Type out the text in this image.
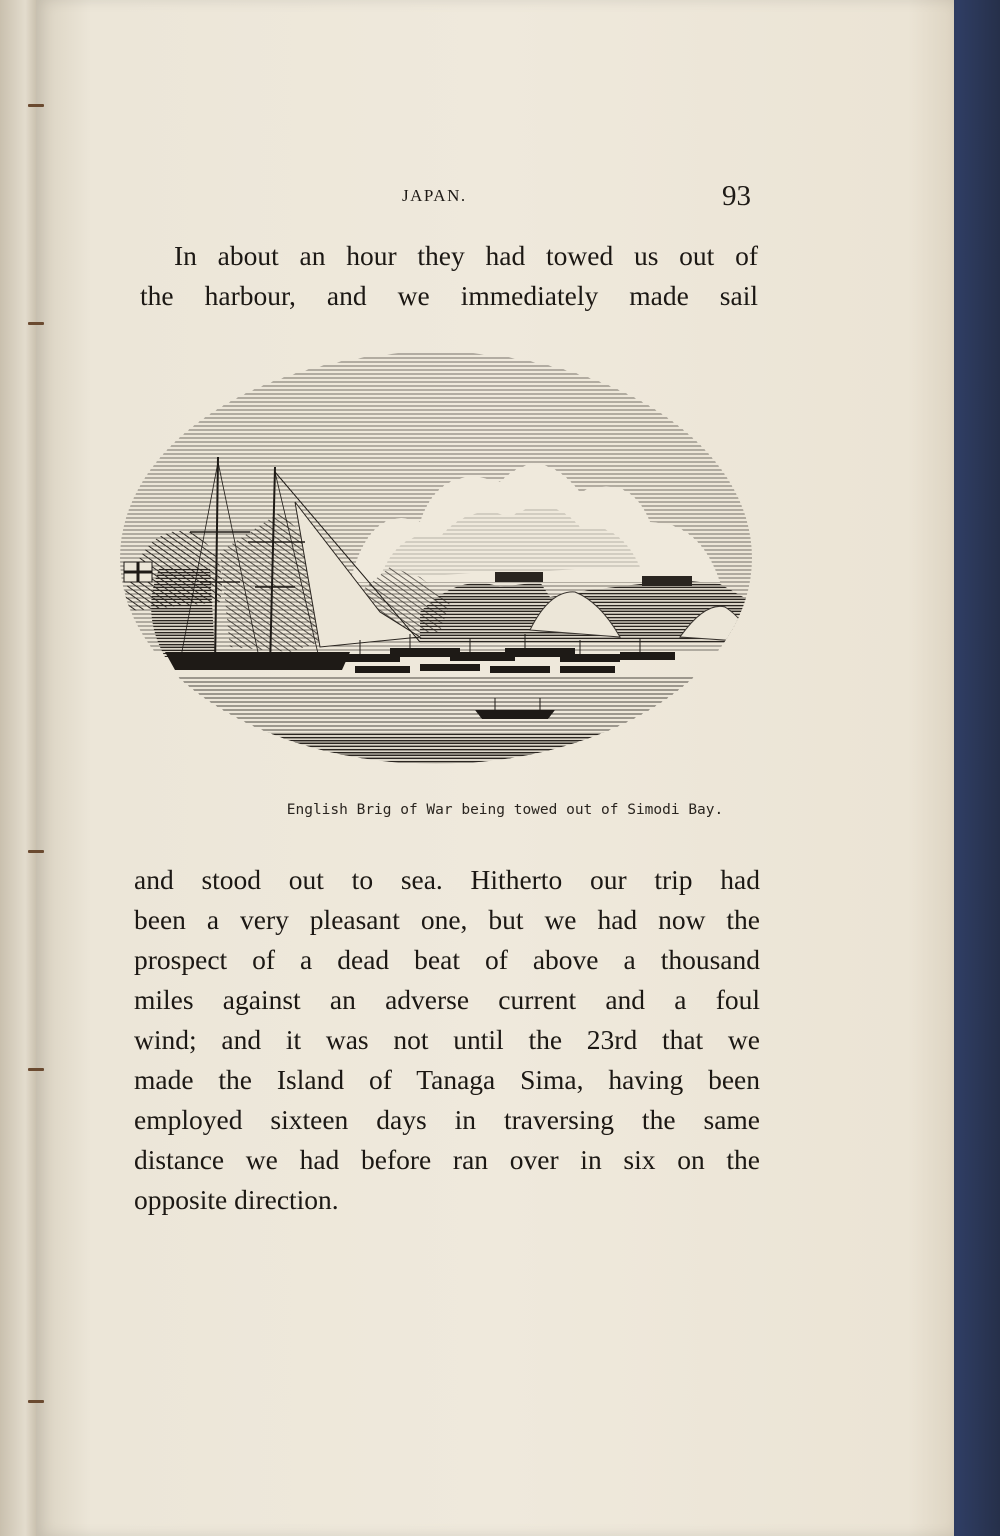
JAPAN.	93
In about an hour they had towed us out of
the harbour, and we immediately made sail
English Brig of War being towed out of Simodi Bay.
and stood out to sea. Hitherto our trip had
been a very pleasant one, but we had now the
prospect of a dead beat of above a thousand
miles against an adverse current and a foul
wind; and it was not until the 23rd that we
made the Island of Tanaga Sima, having been
employed sixteen days in traversing the same
distance we had before ran over in six on the
opposite direction.
